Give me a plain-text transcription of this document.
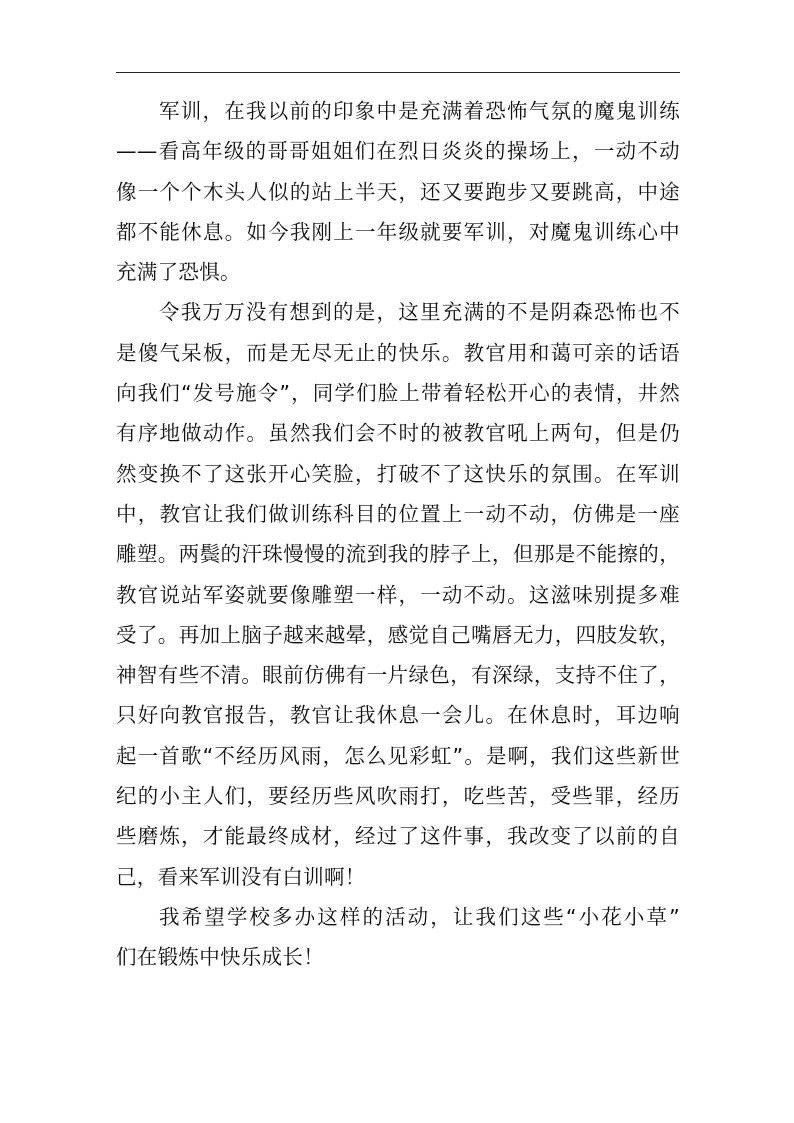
军训，在我以前的印象中是充满着恐怖气氛的魔鬼训练
——看高年级的哥哥姐姐们在烈日炎炎的操场上，一动不动
像一个个木头人似的站上半天，还又要跑步又要跳高，中途
都不能休息。如今我刚上一年级就要军训，对魔鬼训练心中
充满了恐惧。
令我万万没有想到的是，这里充满的不是阴森恐怖也不
是傻气呆板，而是无尽无止的快乐。教官用和蔼可亲的话语
向我们“发号施令”，同学们脸上带着轻松开心的表情，井然
有序地做动作。虽然我们会不时的被教官吼上两句，但是仍
然变换不了这张开心笑脸，打破不了这快乐的氛围。在军训
中，教官让我们做训练科目的位置上一动不动，仿佛是一座
雕塑。两鬓的汗珠慢慢的流到我的脖子上，但那是不能擦的，
教官说站军姿就要像雕塑一样，一动不动。这滋味别提多难
受了。再加上脑子越来越晕，感觉自己嘴唇无力，四肢发软，
神智有些不清。眼前仿佛有一片绿色，有深绿，支持不住了，
只好向教官报告，教官让我休息一会儿。在休息时，耳边响
起一首歌“不经历风雨，怎么见彩虹”。是啊，我们这些新世
纪的小主人们，要经历些风吹雨打，吃些苦，受些罪，经历
些磨炼，才能最终成材，经过了这件事，我改变了以前的自
己，看来军训没有白训啊！
我希望学校多办这样的活动，让我们这些“小花小草”
们在锻炼中快乐成长！
